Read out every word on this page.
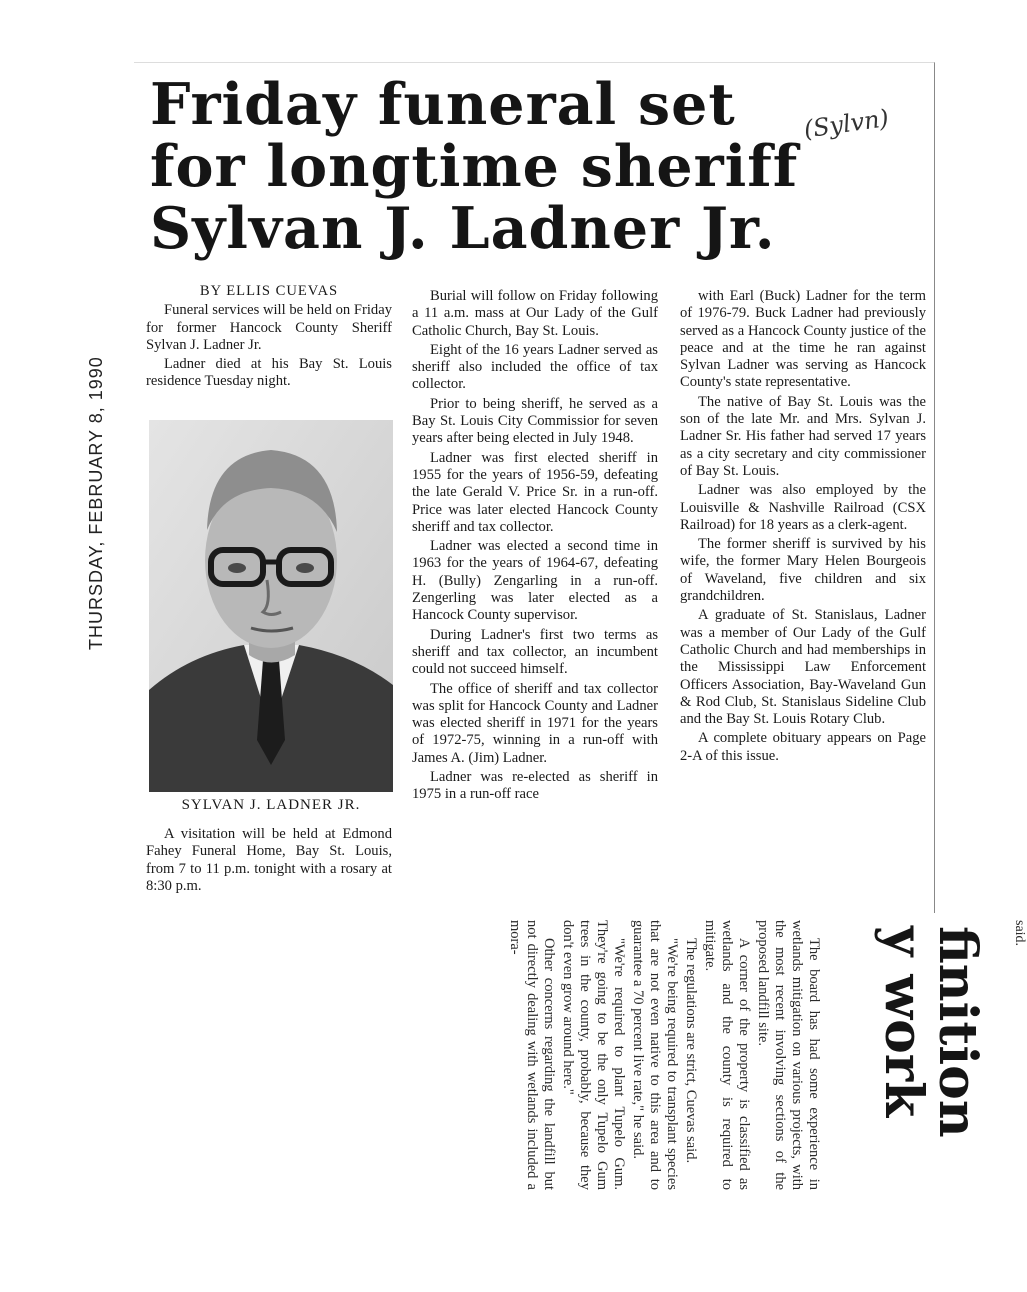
Friday funeral set
for longtime sheriff
Sylvan J. Ladner Jr.
(Sylvn)
THURSDAY, FEBRUARY 8, 1990
BY ELLIS CUEVAS

Funeral services will be held on Friday for former Hancock County Sheriff Sylvan J. Ladner Jr.

Ladner died at his Bay St. Louis residence Tuesday night.

SYLVAN J. LADNER JR.

A visitation will be held at Edmond Fahey Funeral Home, Bay St. Louis, from 7 to 11 p.m. tonight with a rosary at 8:30 p.m.

Burial will follow on Friday following a 11 a.m. mass at Our Lady of the Gulf Catholic Church, Bay St. Louis.

Eight of the 16 years Ladner served as sheriff also included the office of tax collector.

Prior to being sheriff, he served as a Bay St. Louis City Commissior for seven years after being elected in July 1948.

Ladner was first elected sheriff in 1955 for the years of 1956-59, defeating the late Gerald V. Price Sr. in a run-off. Price was later elected Hancock County sheriff and tax collector.

Ladner was elected a second time in 1963 for the years of 1964-67, defeating H. (Bully) Zengarling in a run-off. Zengerling was later elected as a Hancock County supervisor.

During Ladner's first two terms as sheriff and tax collector, an incumbent could not succeed himself.

The office of sheriff and tax collector was split for Hancock County and Ladner was elected sheriff in 1971 for the years of 1972-75, winning in a run-off with James A. (Jim) Ladner.

Ladner was re-elected as sheriff in 1975 in a run-off race

with Earl (Buck) Ladner for the term of 1976-79. Buck Ladner had previously served as a Hancock County justice of the peace and at the time he ran against Sylvan Ladner was serving as Hancock County's state representative.

The native of Bay St. Louis was the son of the late Mr. and Mrs. Sylvan J. Ladner Sr. His father had served 17 years as a city secretary and city commissioner of Bay St. Louis.

Ladner was also employed by the Louisville & Nashville Railroad (CSX Railroad) for 18 years as a clerk-agent.

The former sheriff is survived by his wife, the former Mary Helen Bourgeois of Waveland, five children and six grandchildren.

A graduate of St. Stanislaus, Ladner was a member of Our Lady of the Gulf Catholic Church and had memberships in the Mississippi Law Enforcement Officers Association, Bay-Waveland Gun & Rod Club, St. Stanislaus Sideline Club and the Bay St. Louis Rotary Club.

A complete obituary appears on Page 2-A of this issue.

said.
finition
y work

The board has had some experience in wetlands mitigation on various projects, with the most recent involving sections of the proposed landfill site.

A corner of the property is classified as wetlands and the county is required to mitigate.

The regulations are strict, Cuevas said.

"We're being required to transplant species that are not even native to this area and to guarantee a 70 percent live rate," he said.

"We're required to plant Tupelo Gum. They're going to be the only Tupelo Gum trees in the county, probably, because they don't even grow around here."

Other concerns regarding the landfill but not directly dealing with wetlands included a mora-
